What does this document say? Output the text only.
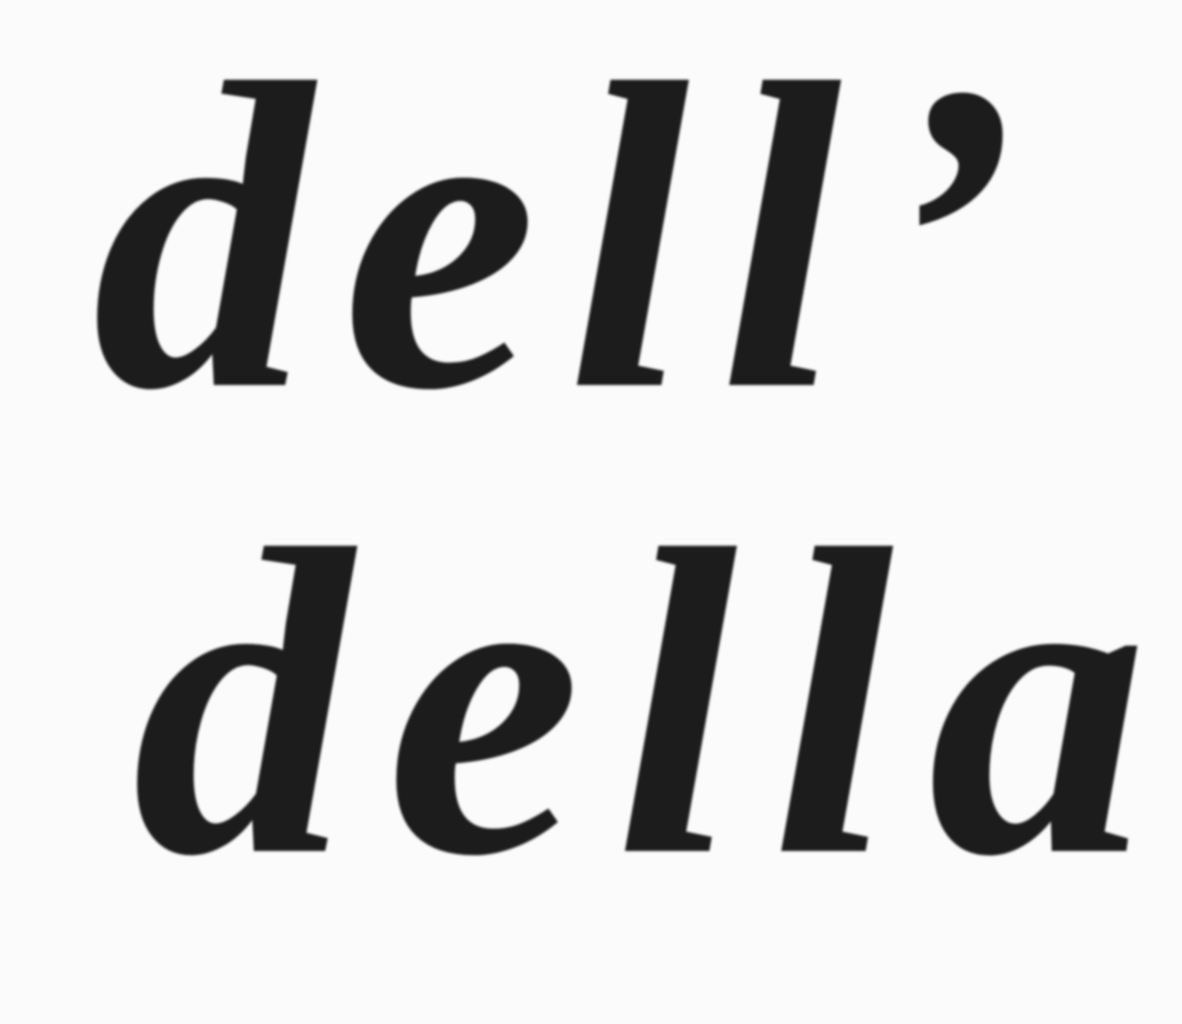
dell’

della
